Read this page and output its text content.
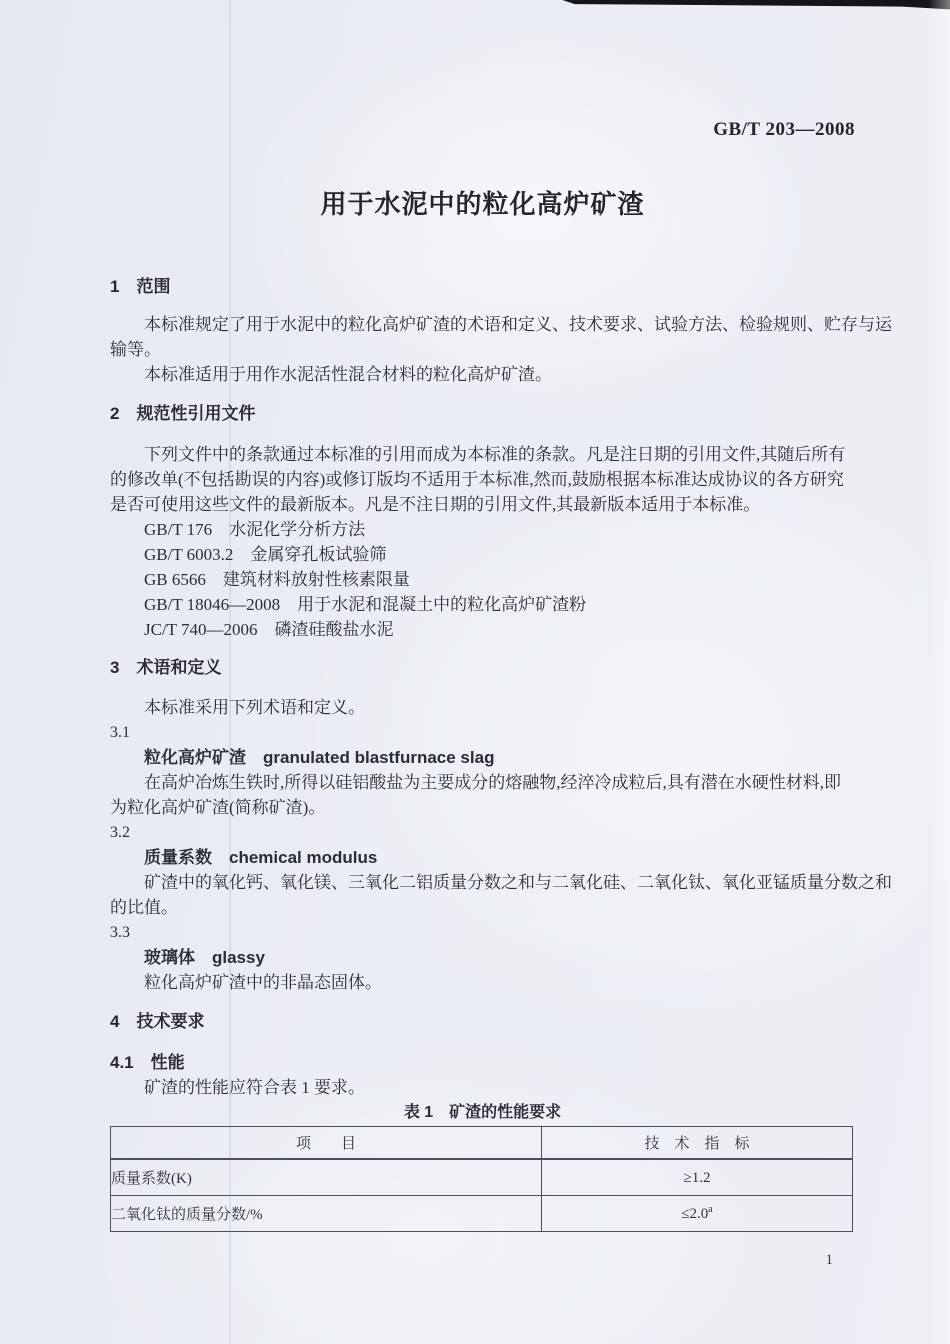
GB/T 203—2008
用于水泥中的粒化高炉矿渣
1　范围
本标准规定了用于水泥中的粒化高炉矿渣的术语和定义、技术要求、试验方法、检验规则、贮存与运
输等。
本标准适用于用作水泥活性混合材料的粒化高炉矿渣。
2　规范性引用文件
下列文件中的条款通过本标准的引用而成为本标准的条款。凡是注日期的引用文件,其随后所有
的修改单(不包括勘误的内容)或修订版均不适用于本标准,然而,鼓励根据本标准达成协议的各方研究
是否可使用这些文件的最新版本。凡是不注日期的引用文件,其最新版本适用于本标准。
GB/T 176　水泥化学分析方法
GB/T 6003.2　金属穿孔板试验筛
GB 6566　建筑材料放射性核素限量
GB/T 18046—2008　用于水泥和混凝土中的粒化高炉矿渣粉
JC/T 740—2006　磷渣硅酸盐水泥
3　术语和定义
本标准采用下列术语和定义。
3.1
粒化高炉矿渣　granulated blastfurnace slag
在高炉冶炼生铁时,所得以硅铝酸盐为主要成分的熔融物,经淬冷成粒后,具有潜在水硬性材料,即
为粒化高炉矿渣(简称矿渣)。
3.2
质量系数　chemical modulus
矿渣中的氧化钙、氧化镁、三氧化二铝质量分数之和与二氧化硅、二氧化钛、氧化亚锰质量分数之和
的比值。
3.3
玻璃体　glassy
粒化高炉矿渣中的非晶态固体。
4　技术要求
4.1　性能
矿渣的性能应符合表 1 要求。
表 1　矿渣的性能要求
项　　目	技　术　指　标
质量系数(K)	≥1.2
二氧化钛的质量分数/%	≤2.0$^a$
1
